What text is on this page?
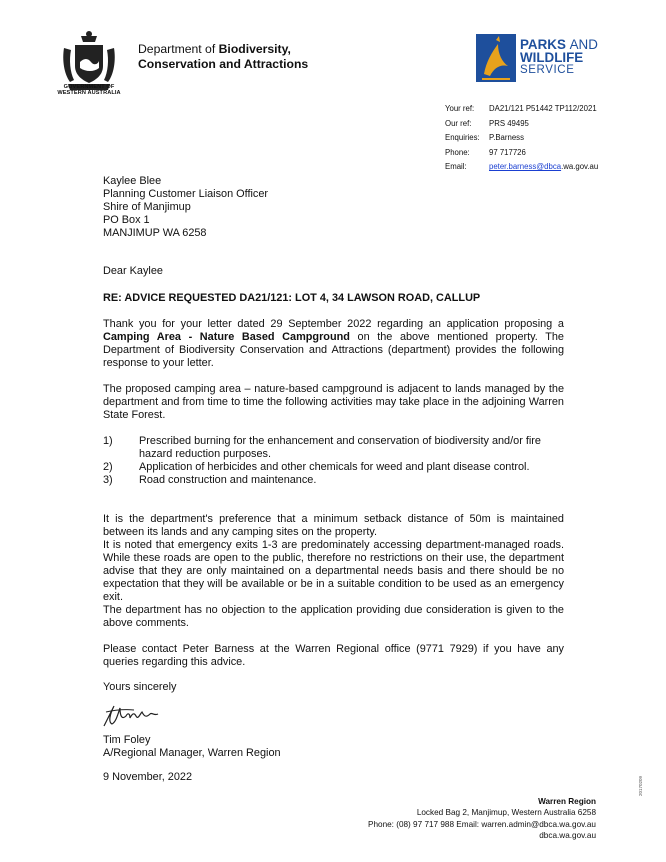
GOVERNMENT OF
WESTERN AUSTRALIA
Department of Biodiversity,
Conservation and Attractions
PARKS AND
WILDLIFE
SERVICE
Your ref:	DA21/121 P51442 TP112/2021
Our ref:	PRS 49495
Enquiries:	P.Barness
Phone:	97 717726
Email:	peter.barness@dbca.wa.gov.au
Kaylee Blee
Planning Customer Liaison Officer
Shire of Manjimup
PO Box 1
MANJIMUP WA 6258
Dear Kaylee
RE: ADVICE REQUESTED DA21/121: LOT 4, 34 LAWSON ROAD, CALLUP
Thank you for your letter dated 29 September 2022 regarding an application proposing a Camping Area - Nature Based Campground on the above mentioned property. The Department of Biodiversity Conservation and Attractions (department) provides the following response to your letter.
The proposed camping area – nature-based campground is adjacent to lands managed by the department and from time to time the following activities may take place in the adjoining Warren State Forest.
1)	Prescribed burning for the enhancement and conservation of biodiversity and/or fire hazard reduction purposes.
2)	Application of herbicides and other chemicals for weed and plant disease control.
3)	Road construction and maintenance.
It is the department's preference that a minimum setback distance of 50m is maintained between its lands and any camping sites on the property.
It is noted that emergency exits 1-3 are predominately accessing department-managed roads. While these roads are open to the public, therefore no restrictions on their use, the department advise that they are only maintained on a departmental needs basis and there should be no expectation that they will be available or be in a suitable condition to be used as an emergency exit.
The department has no objection to the application providing due consideration is given to the above comments.
Please contact Peter Barness at the Warren Regional office (9771 7929) if you have any queries regarding this advice.
Yours sincerely
Tim Foley
A/Regional Manager, Warren Region
9 November, 2022
Warren Region
Locked Bag 2, Manjimup, Western Australia 6258
Phone: (08) 97 717 988 Email: warren.admin@dbca.wa.gov.au
dbca.wa.gov.au
20170209
